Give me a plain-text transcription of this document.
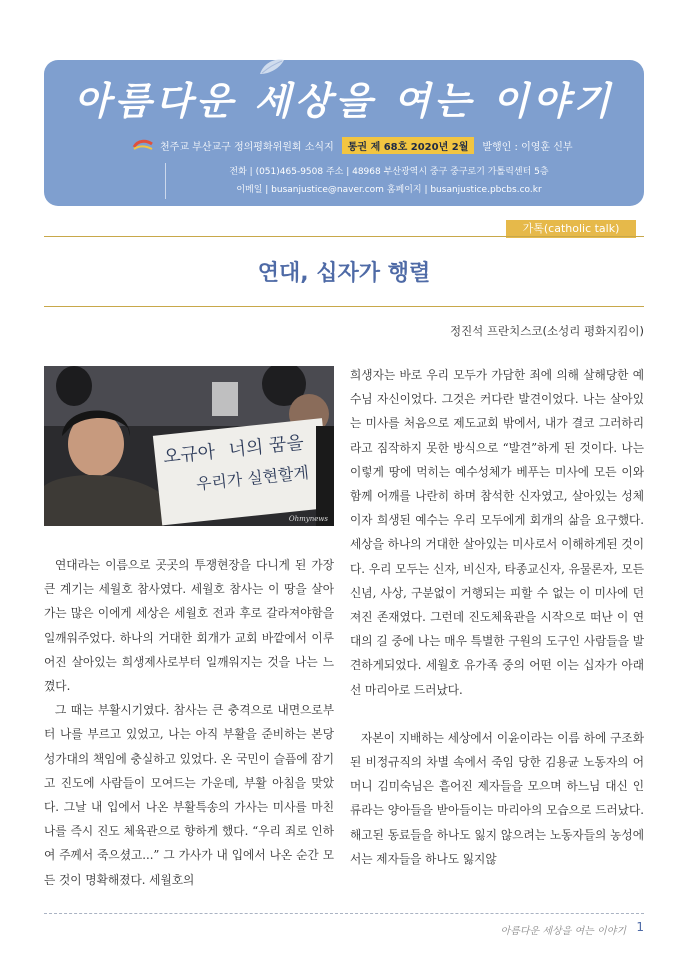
아름다운 세상을 여는 이야기
천주교 부산교구 정의평화위원회 소식지	통권 제 68호 2020년 2월	발행인 : 이영훈 신부
전화 | (051)465-9508 주소 | 48968 부산광역시 중구 중구로기 가톨릭센터 5층
이메일 | busanjustice@naver.com 홈페이지 | busanjustice.pbcbs.co.kr
가톡(catholic talk)
연대, 십자가 행렬
정진석 프란치스코(소성리 평화지킴이)
오규아 너의 꿈을
우리가 실현할게
Ohmynews

연대라는 이름으로 곳곳의 투쟁현장을 다니게 된 가장 큰 계기는 세월호 참사였다. 세월호 참사는 이 땅을 살아가는 많은 이에게 세상은 세월호 전과 후로 갈라져야함을 일깨워주었다. 하나의 거대한 회개가 교회 바깥에서 이루어진 살아있는 희생제사로부터 일깨워지는 것을 나는 느꼈다.

그 때는 부활시기였다. 참사는 큰 충격으로 내면으로부터 나를 부르고 있었고, 나는 아직 부활을 준비하는 본당 성가대의 책임에 충실하고 있었다. 온 국민이 슬픔에 잠기고 진도에 사람들이 모여드는 가운데, 부활 아침을 맞았다. 그날 내 입에서 나온 부활특송의 가사는 미사를 마친 나를 즉시 진도 체육관으로 향하게 했다. “우리 죄로 인하여 주께서 죽으셨고...” 그 가사가 내 입에서 나온 순간 모든 것이 명확해졌다. 세월호의

희생자는 바로 우리 모두가 가담한 죄에 의해 살해당한 예수님 자신이었다. 그것은 커다란 발견이었다. 나는 살아있는 미사를 처음으로 제도교회 밖에서, 내가 결코 그러하리라고 짐작하지 못한 방식으로 “발견”하게 된 것이다. 나는 이렇게 땅에 먹히는 예수성체가 베푸는 미사에 모든 이와 함께 어깨를 나란히 하며 참석한 신자였고, 살아있는 성체이자 희생된 예수는 우리 모두에게 회개의 삶을 요구했다. 세상을 하나의 거대한 살아있는 미사로서 이해하게된 것이다. 우리 모두는 신자, 비신자, 타종교신자, 유물론자, 모든 신념, 사상, 구분없이 거행되는 피할 수 없는 이 미사에 던져진 존재였다. 그런데 진도체육관을 시작으로 떠난 이 연대의 길 중에 나는 매우 특별한 구원의 도구인 사람들을 발견하게되었다. 세월호 유가족 중의 어떤 이는 십자가 아래 선 마리아로 드러났다.

자본이 지배하는 세상에서 이윤이라는 이름 하에 구조화된 비정규직의 차별 속에서 죽임 당한 김용균 노동자의 어머니 김미숙님은 흩어진 제자들을 모으며 하느님 대신 인류라는 양아들을 받아들이는 마리아의 모습으로 드러났다. 해고된 동료들을 하나도 잃지 않으려는 노동자들의 농성에서는 제자들을 하나도 잃지않

아름다운 세상을 여는 이야기 1
